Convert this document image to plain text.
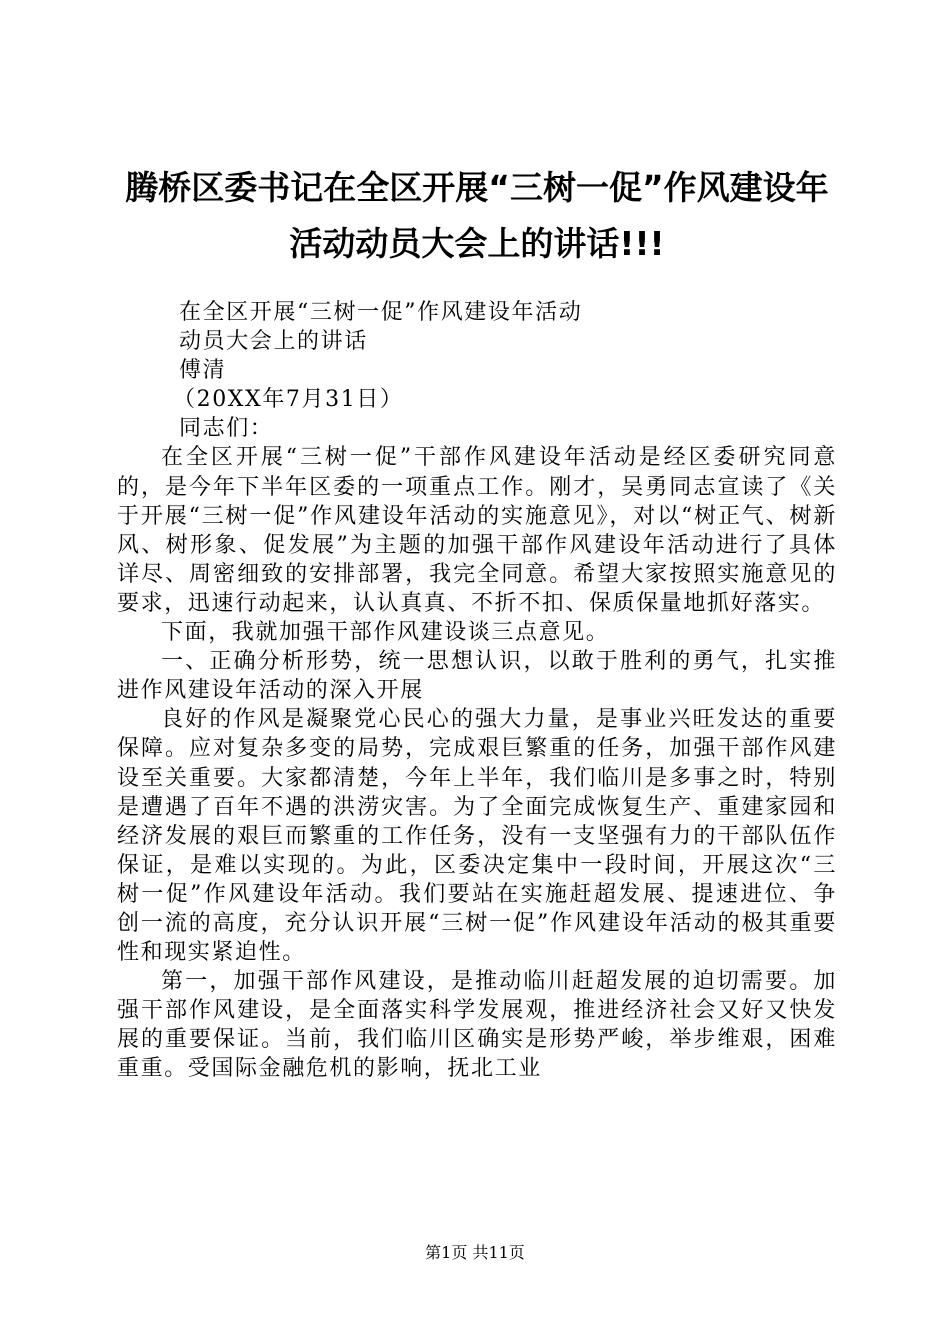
腾桥区委书记在全区开展“三树一促”作风建设年活动动员大会上的讲话!!!

在全区开展“三树一促”作风建设年活动

动员大会上的讲话

傅清

（20XX年7月31日）

同志们：

在全区开展“三树一促”干部作风建设年活动是经区委研究同意的，是今年下半年区委的一项重点工作。刚才，吴勇同志宣读了《关于开展“三树一促”作风建设年活动的实施意见》，对以“树正气、树新风、树形象、促发展”为主题的加强干部作风建设年活动进行了具体详尽、周密细致的安排部署，我完全同意。希望大家按照实施意见的要求，迅速行动起来，认认真真、不折不扣、保质保量地抓好落实。

下面，我就加强干部作风建设谈三点意见。

一、正确分析形势，统一思想认识，以敢于胜利的勇气，扎实推进作风建设年活动的深入开展

良好的作风是凝聚党心民心的强大力量，是事业兴旺发达的重要保障。应对复杂多变的局势，完成艰巨繁重的任务，加强干部作风建设至关重要。大家都清楚，今年上半年，我们临川是多事之时，特别是遭遇了百年不遇的洪涝灾害。为了全面完成恢复生产、重建家园和经济发展的艰巨而繁重的工作任务，没有一支坚强有力的干部队伍作保证，是难以实现的。为此，区委决定集中一段时间，开展这次“三树一促”作风建设年活动。我们要站在实施赶超发展、提速进位、争创一流的高度，充分认识开展“三树一促”作风建设年活动的极其重要性和现实紧迫性。

第一，加强干部作风建设，是推动临川赶超发展的迫切需要。加强干部作风建设，是全面落实科学发展观，推进经济社会又好又快发展的重要保证。当前，我们临川区确实是形势严峻，举步维艰，困难重重。受国际金融危机的影响，抚北工业

第1页 共11页
